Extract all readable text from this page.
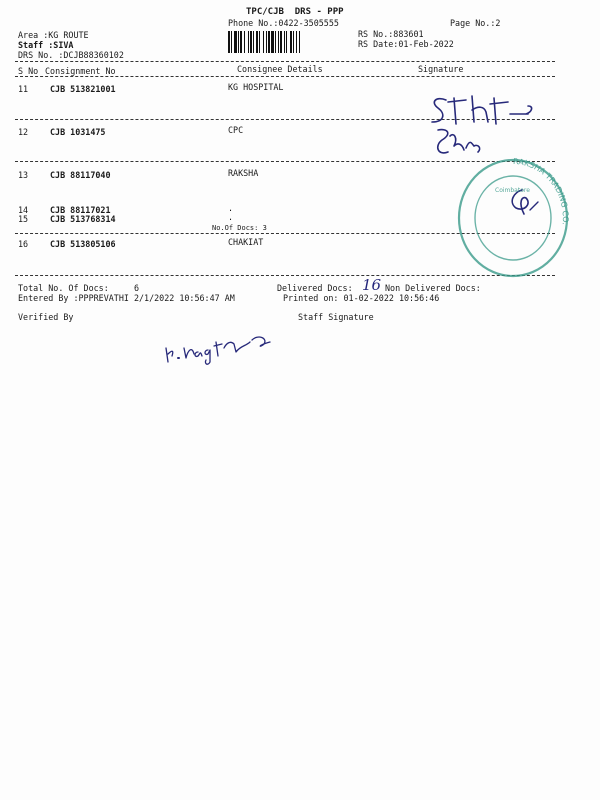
TPC/CJB  DRS - PPP
Phone No.:0422-3505555	Page No.:2
Area :KG ROUTE
Staff :SIVA
DRS No. :DCJB88360102
RS No.:883601
RS Date:01-Feb-2022
S No Consignment No	Consignee Details	Signature
11	CJB 513821001	KG HOSPITAL
12	CJB 1031475	CPC
13	CJB 88117040	RAKSHA
14	CJB 88117021	.
15	CJB 513768314	.
No.Of Docs: 3
16	CJB 513805106	CHAKIAT
Total No. Of Docs:	6	Delivered Docs: 16 Non Delivered Docs:
Entered By :PPPREVATHI 2/1/2022 10:56:47 AM	Printed on: 01-02-2022 10:56:46
Verified By	Staff Signature
RAKSHA TRADING CO.
Coimbatore
